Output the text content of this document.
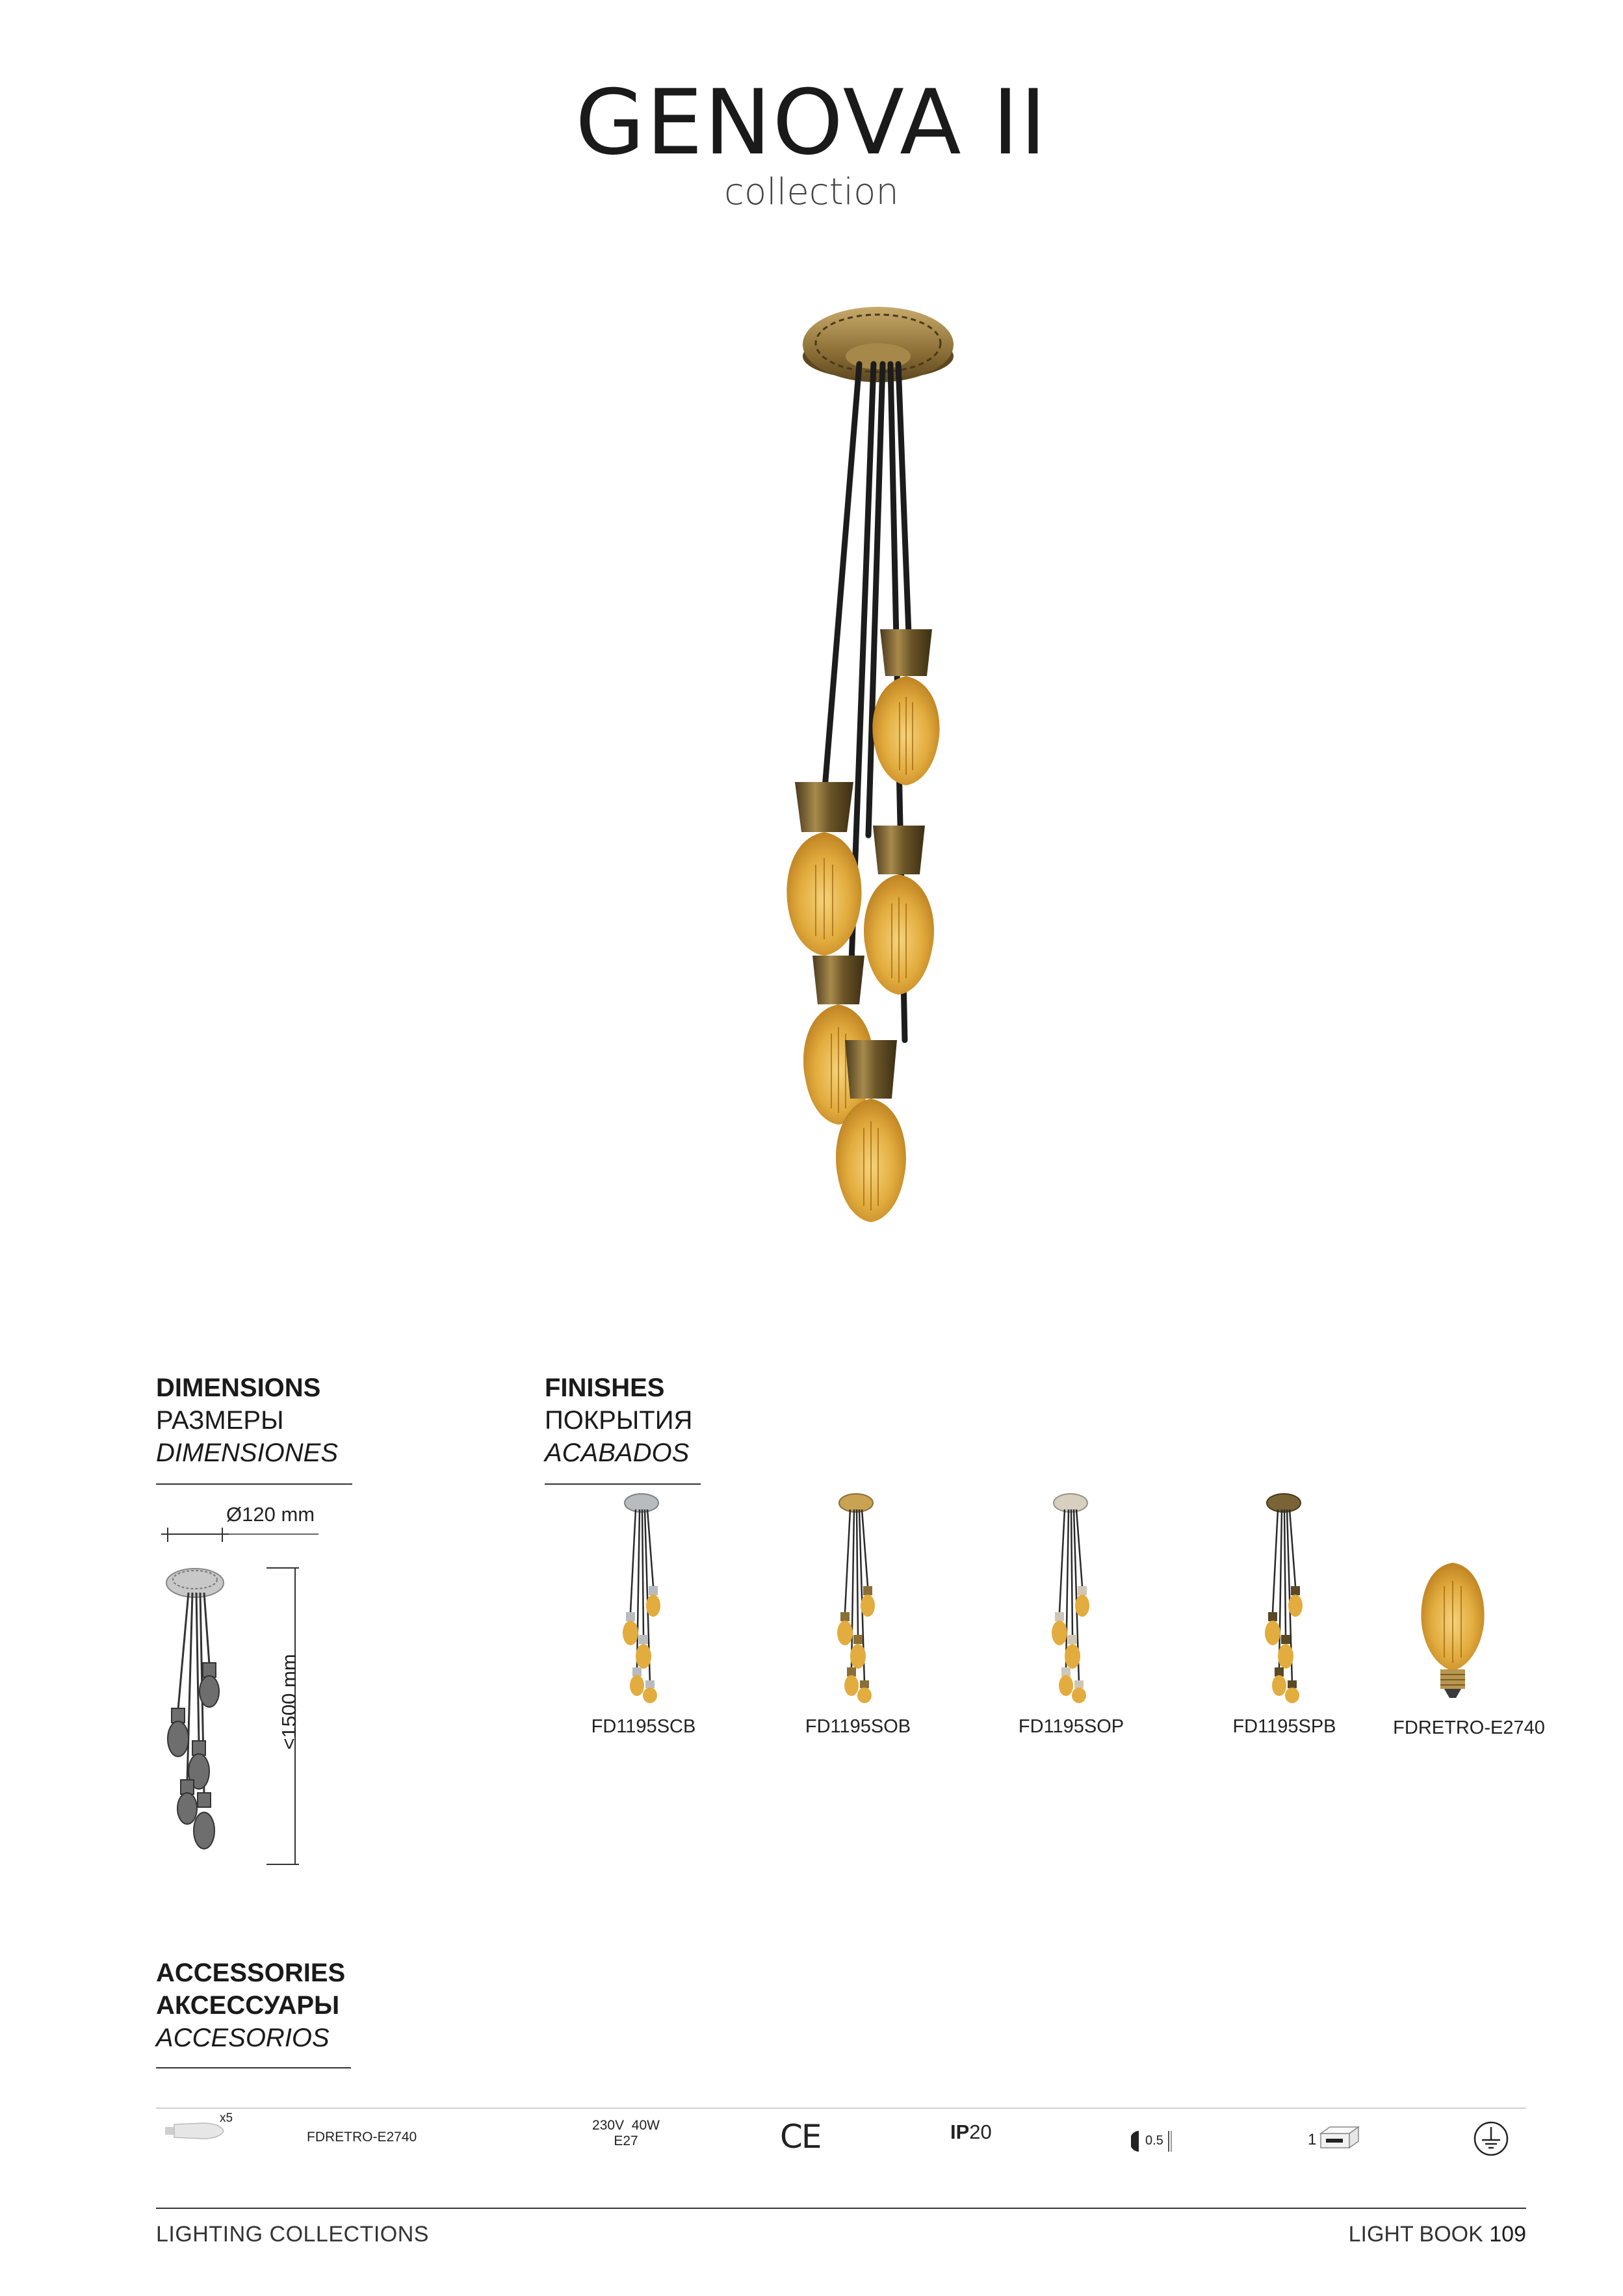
GENOVA II
collection
DIMENSIONS
РАЗМЕРЫ
DIMENSIONES
Ø120 mm
<1500 mm
FINISHES
ПОКРЫТИЯ
ACABADOS
FD1195SCB	FD1195SOB	FD1195SOP	FD1195SPB	FDRETRO-E2740
ACCESSORIES
АКСЕССУАРЫ
ACCESORIOS
x5
FDRETRO-E2740
230V  40W
E27	CE	IP20	0.5	1
LIGHTING COLLECTIONS	LIGHT BOOK 109
